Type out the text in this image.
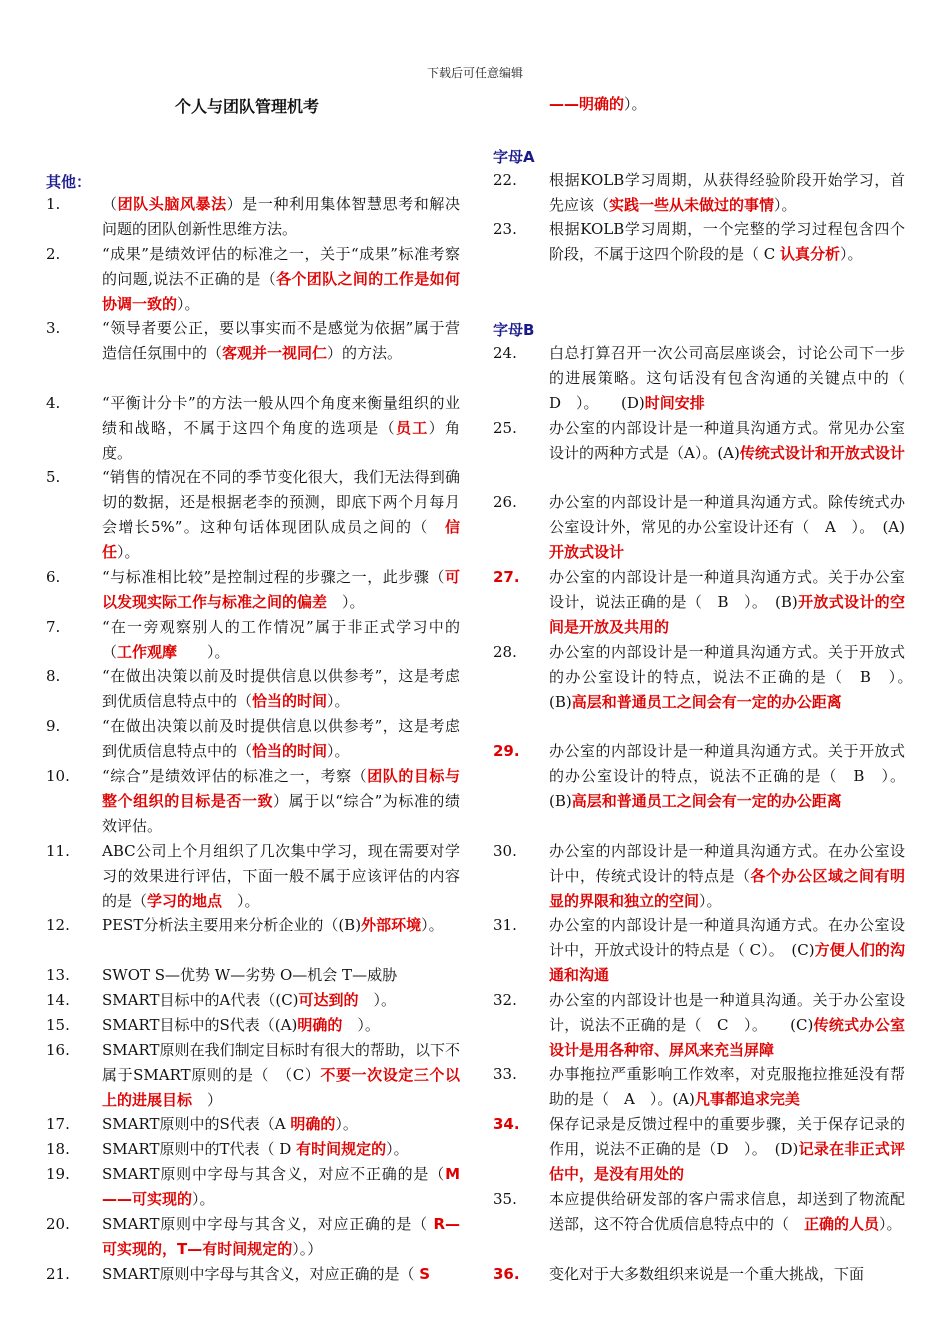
下载后可任意编辑
个人与团队管理机考
其他：
1.	（团队头脑风暴法）是一种利用集体智慧思考和解决问题的团队创新性思维方法。
2.	“成果”是绩效评估的标准之一，关于“成果”标准考察的问题,说法不正确的是（各个团队之间的工作是如何协调一致的）。
3.	“领导者要公正，要以事实而不是感觉为依据”属于营造信任氛围中的（客观并一视同仁）的方法。
4.	“平衡计分卡”的方法一般从四个角度来衡量组织的业绩和战略，不属于这四个角度的选项是（员工）角度。
5.	“销售的情况在不同的季节变化很大，我们无法得到确切的数据，还是根据老李的预测，即底下两个月每月会增长5%”。这种句话体现团队成员之间的（　信任）。
6.	“与标准相比较”是控制过程的步骤之一，此步骤（可以发现实际工作与标准之间的偏差　）。
7.	“在一旁观察别人的工作情况”属于非正式学习中的（工作观摩　　）。
8.	“在做出决策以前及时提供信息以供参考”，这是考虑到优质信息特点中的（恰当的时间）。
9.	“在做出决策以前及时提供信息以供参考”，这是考虑到优质信息特点中的（恰当的时间）。
10.	“综合”是绩效评估的标准之一，考察（团队的目标与整个组织的目标是否一致）属于以“综合”为标准的绩效评估。
11.	ABC公司上个月组织了几次集中学习，现在需要对学习的效果进行评估，下面一般不属于应该评估的内容的是（学习的地点　）。
12.	PEST分析法主要用来分析企业的（(B)外部环境）。
13.	SWOT S—优势 W—劣势 O—机会 T—威胁
14.	SMART目标中的A代表（(C)可达到的　）。
15.	SMART目标中的S代表（(A)明确的　）。
16.	SMART原则在我们制定目标时有很大的帮助，以下不属于SMART原则的是（　（C）不要一次设定三个以上的进展目标　）
17.	SMART原则中的S代表（A 明确的）。
18.	SMART原则中的T代表（ D 有时间规定的）。
19.	SMART原则中字母与其含义，对应不正确的是（M——可实现的）。
20.	SMART原则中字母与其含义，对应正确的是（ R—可实现的，T—有时间规定的）。）
21.	SMART原则中字母与其含义，对应正确的是（ S
——明确的）。
字母A
字母B
22.	根据KOLB学习周期，从获得经验阶段开始学习，首先应该（实践一些从未做过的事情）。
23.	根据KOLB学习周期，一个完整的学习过程包含四个阶段，不属于这四个阶段的是（ C 认真分析）。
24.	白总打算召开一次公司高层座谈会，讨论公司下一步的进展策略。这句话没有包含沟通的关键点中的（　D　）。　　(D)时间安排
25.	办公室的内部设计是一种道具沟通方式。常见办公室设计的两种方式是（A）。(A)传统式设计和开放式设计
26.	办公室的内部设计是一种道具沟通方式。除传统式办公室设计外，常见的办公室设计还有（　A　）。　(A)开放式设计
27.	办公室的内部设计是一种道具沟通方式。关于办公室设计，说法正确的是（　B　）。　(B)开放式设计的空间是开放及共用的
28.	办公室的内部设计是一种道具沟通方式。关于开放式的办公室设计的特点，说法不正确的是（　B　）。　　(B)高层和普通员工之间会有一定的办公距离
29.	办公室的内部设计是一种道具沟通方式。关于开放式的办公室设计的特点，说法不正确的是（　B　）。(B)高层和普通员工之间会有一定的办公距离
30.	办公室的内部设计是一种道具沟通方式。在办公室设计中，传统式设计的特点是（各个办公区域之间有明显的界限和独立的空间）。
31.	办公室的内部设计是一种道具沟通方式。在办公室设计中，开放式设计的特点是（ C）。　(C)方便人们的沟通和沟通
32.	办公室的内部设计也是一种道具沟通。关于办公室设计，说法不正确的是（　C　）。　　(C)传统式办公室设计是用各种帘、屏风来充当屏障
33.	办事拖拉严重影响工作效率，对克服拖拉推延没有帮助的是（　A　）。(A)凡事都追求完美
34.	保存记录是反馈过程中的重要步骤，关于保存记录的作用，说法不正确的是（D　）。　(D)记录在非正式评估中，是没有用处的
35.	本应提供给研发部的客户需求信息，却送到了物流配送部，这不符合优质信息特点中的（　正确的人员）。
36.	变化对于大多数组织来说是一个重大挑战，下面
